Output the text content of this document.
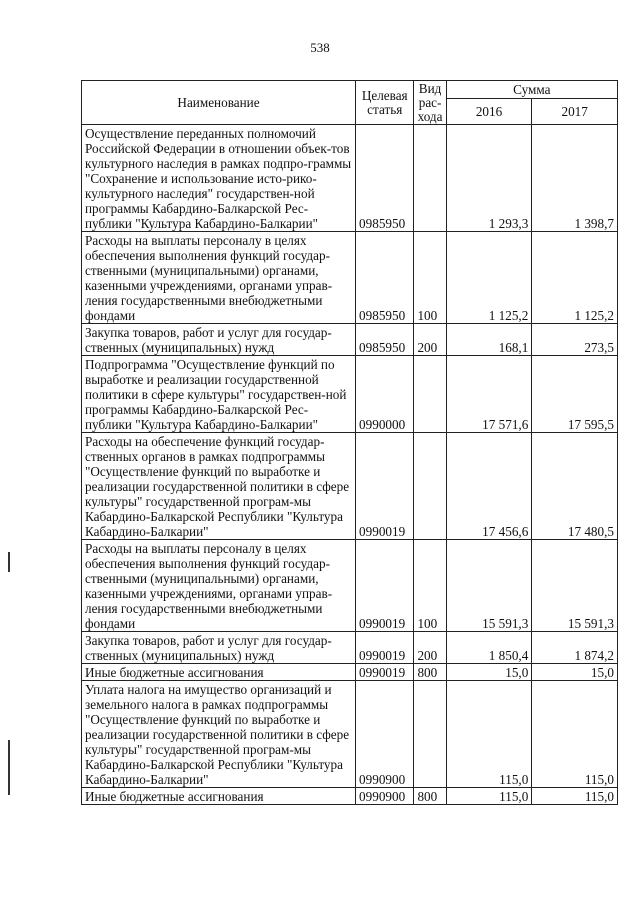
538
Наименование	Целевая статья	Вид рас-хода	Сумма	
			2016	2017
Осуществление переданных полномочий Российской Федерации в отношении объек-тов культурного наследия в рамках подпро-граммы "Сохранение и использование исто-рико-культурного наследия" государствен-ной программы Кабардино-Балкарской Рес-публики "Культура Кабардино-Балкарии"	0985950		1 293,3	1 398,7
Расходы на выплаты персоналу в целях обеспечения выполнения функций государ-ственными (муниципальными) органами, казенными учреждениями, органами управ-ления государственными внебюджетными фондами	0985950	100	1 125,2	1 125,2
Закупка товаров, работ и услуг для государ-ственных (муниципальных) нужд	0985950	200	168,1	273,5
Подпрограмма "Осуществление функций по выработке и реализации государственной политики в сфере культуры" государствен-ной программы Кабардино-Балкарской Рес-публики "Культура Кабардино-Балкарии"	0990000		17 571,6	17 595,5
Расходы на обеспечение функций государ-ственных органов в рамках подпрограммы "Осуществление функций по выработке и реализации государственной политики в сфере культуры" государственной програм-мы Кабардино-Балкарской Республики "Культура Кабардино-Балкарии"	0990019		17 456,6	17 480,5
Расходы на выплаты персоналу в целях обеспечения выполнения функций государ-ственными (муниципальными) органами, казенными учреждениями, органами управ-ления государственными внебюджетными фондами	0990019	100	15 591,3	15 591,3
Закупка товаров, работ и услуг для государ-ственных (муниципальных) нужд	0990019	200	1 850,4	1 874,2
Иные бюджетные ассигнования	0990019	800	15,0	15,0
Уплата налога на имущество организаций и земельного налога в рамках подпрограммы "Осуществление функций по выработке и реализации государственной политики в сфере культуры" государственной програм-мы Кабардино-Балкарской Республики "Культура Кабардино-Балкарии"	0990900		115,0	115,0
Иные бюджетные ассигнования	0990900	800	115,0	115,0
